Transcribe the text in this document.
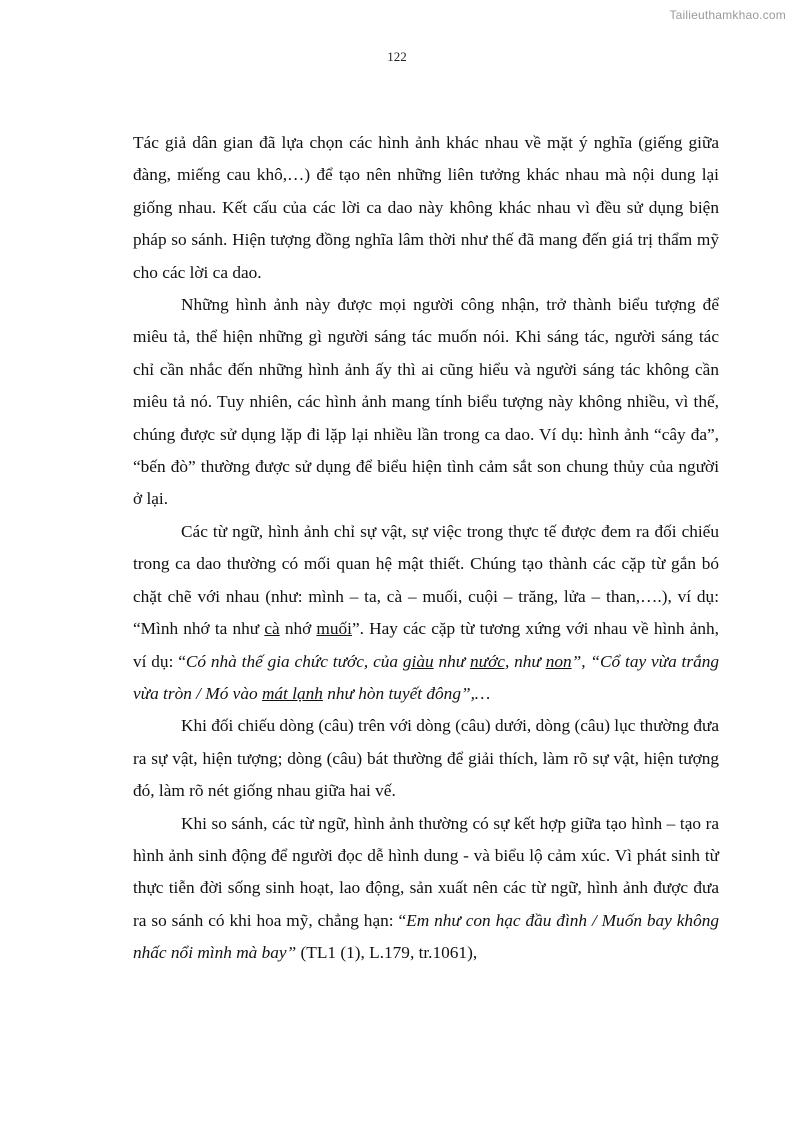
Tailieuthamkhao.com
122

Tác giả dân gian đã lựa chọn các hình ảnh khác nhau về mặt ý nghĩa (giếng giữa đàng, miếng cau khô,…) để tạo nên những liên tưởng khác nhau mà nội dung lại giống nhau. Kết cấu của các lời ca dao này không khác nhau vì đều sử dụng biện pháp so sánh. Hiện tượng đồng nghĩa lâm thời như thế đã mang đến giá trị thẩm mỹ cho các lời ca dao.

Những hình ảnh này được mọi người công nhận, trở thành biểu tượng để miêu tả, thể hiện những gì người sáng tác muốn nói. Khi sáng tác, người sáng tác chỉ cần nhắc đến những hình ảnh ấy thì ai cũng hiểu và người sáng tác không cần miêu tả nó. Tuy nhiên, các hình ảnh mang tính biểu tượng này không nhiều, vì thế, chúng được sử dụng lặp đi lặp lại nhiều lần trong ca dao. Ví dụ: hình ảnh “cây đa”, “bến đò” thường được sử dụng để biểu hiện tình cảm sắt son chung thủy của người ở lại.

Các từ ngữ, hình ảnh chỉ sự vật, sự việc trong thực tế được đem ra đối chiếu trong ca dao thường có mối quan hệ mật thiết. Chúng tạo thành các cặp từ gắn bó chặt chẽ với nhau (như: mình – ta, cà – muối, cuội – trăng, lửa – than,….), ví dụ: “Mình nhớ ta như cà nhớ muối”. Hay các cặp từ tương xứng với nhau về hình ảnh, ví dụ: “Có nhà thế gia chức tước, của giàu như nước, như non”, “Cổ tay vừa trắng vừa tròn / Mó vào mát lạnh như hòn tuyết đông”,…

Khi đối chiếu dòng (câu) trên với dòng (câu) dưới, dòng (câu) lục thường đưa ra sự vật, hiện tượng; dòng (câu) bát thường để giải thích, làm rõ sự vật, hiện tượng đó, làm rõ nét giống nhau giữa hai vế.

Khi so sánh, các từ ngữ, hình ảnh thường có sự kết hợp giữa tạo hình – tạo ra hình ảnh sinh động để người đọc dễ hình dung - và biểu lộ cảm xúc. Vì phát sinh từ thực tiễn đời sống sinh hoạt, lao động, sản xuất nên các từ ngữ, hình ảnh được đưa ra so sánh có khi hoa mỹ, chẳng hạn: “Em như con hạc đầu đình / Muốn bay không nhấc nổi mình mà bay” (TL1 (1), L.179, tr.1061),
